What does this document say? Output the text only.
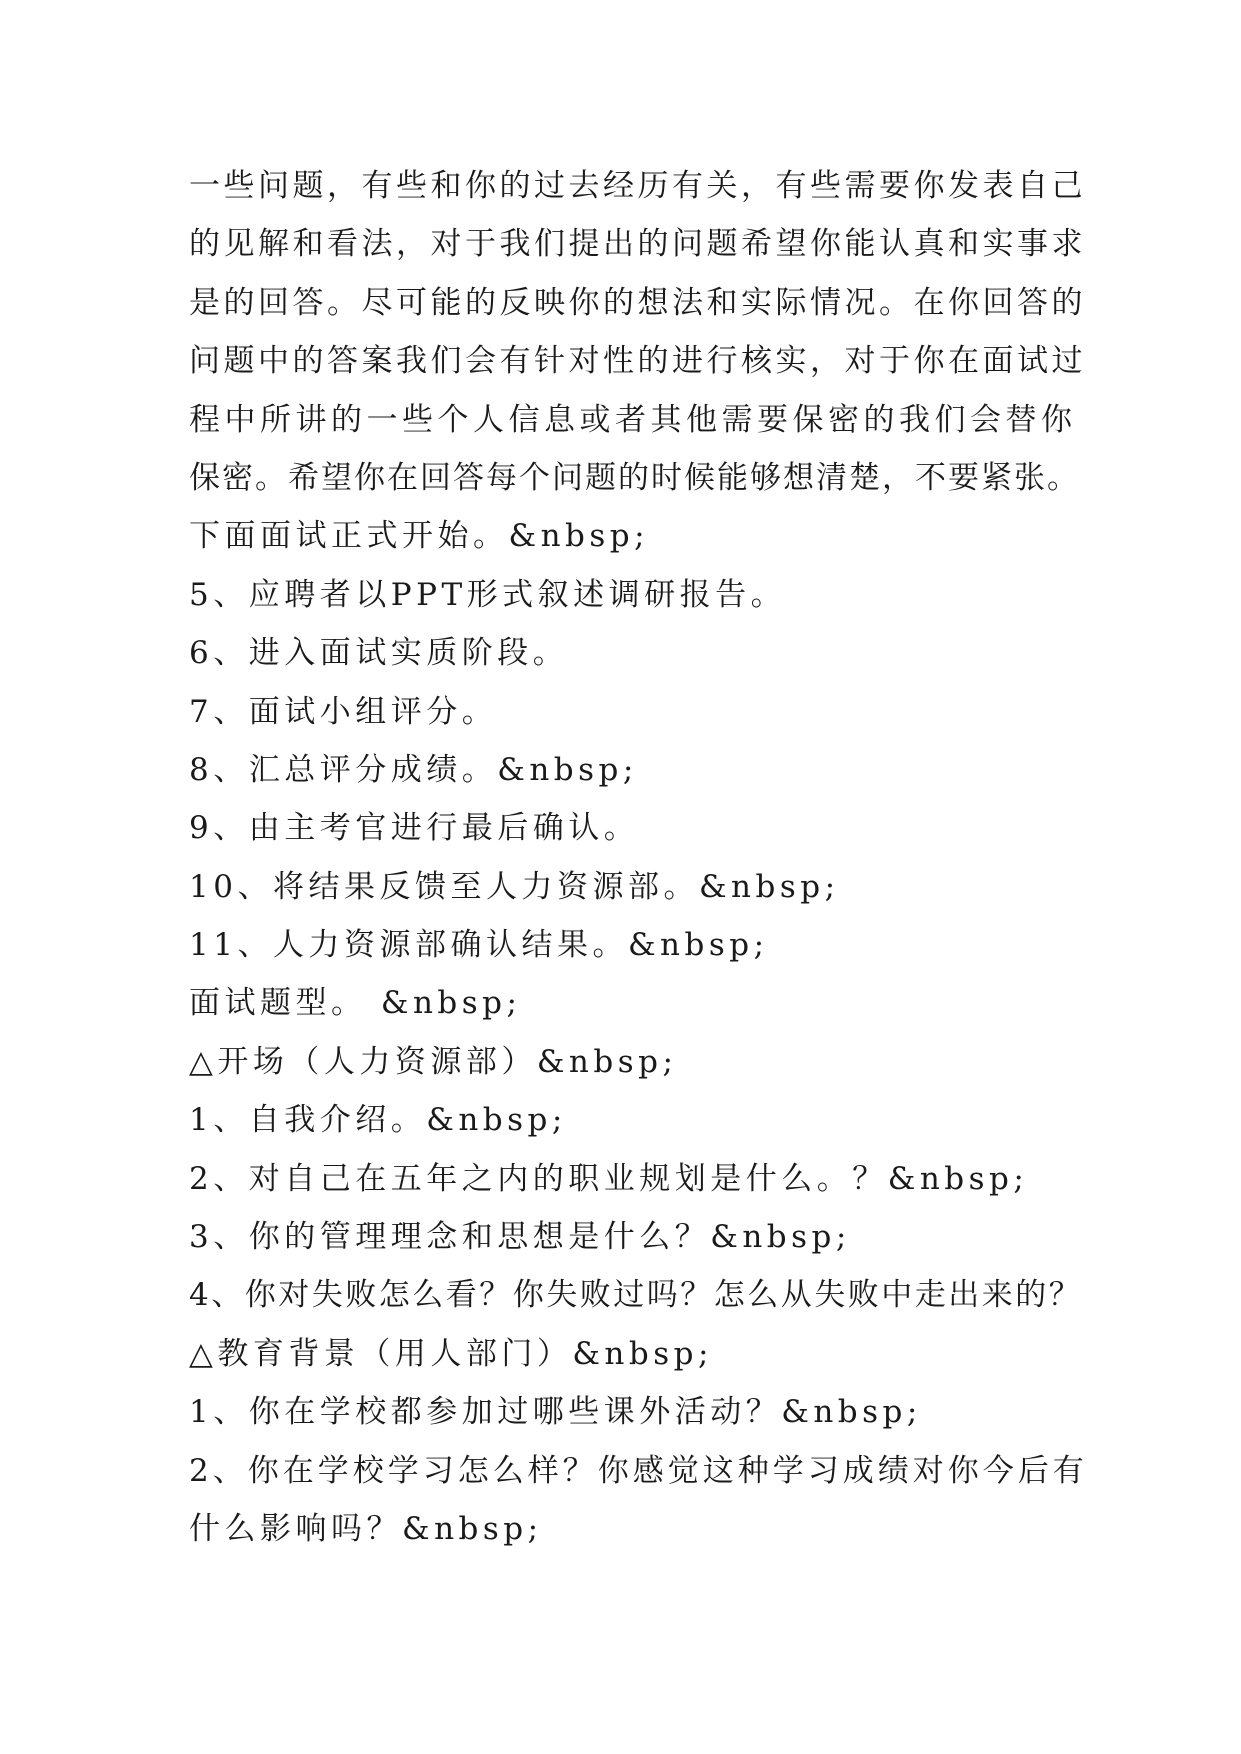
一些问题，有些和你的过去经历有关，有些需要你发表自己
的见解和看法，对于我们提出的问题希望你能认真和实事求
是的回答。尽可能的反映你的想法和实际情况。在你回答的
问题中的答案我们会有针对性的进行核实，对于你在面试过
程中所讲的一些个人信息或者其他需要保密的我们会替你
保密。希望你在回答每个问题的时候能够想清楚，不要紧张。
下面面试正式开始。&nbsp;
5、应聘者以PPT形式叙述调研报告。
6、进入面试实质阶段。
7、面试小组评分。
8、汇总评分成绩。&nbsp;
9、由主考官进行最后确认。
10、将结果反馈至人力资源部。&nbsp;
11、人力资源部确认结果。&nbsp;
面试题型。 &nbsp;
△开场（人力资源部）&nbsp;
1、自我介绍。&nbsp;
2、对自己在五年之内的职业规划是什么。？&nbsp;
3、你的管理理念和思想是什么？&nbsp;
4、你对失败怎么看？你失败过吗？怎么从失败中走出来的？
△教育背景（用人部门）&nbsp;
1、你在学校都参加过哪些课外活动？&nbsp;
2、你在学校学习怎么样？你感觉这种学习成绩对你今后有
什么影响吗？&nbsp;
